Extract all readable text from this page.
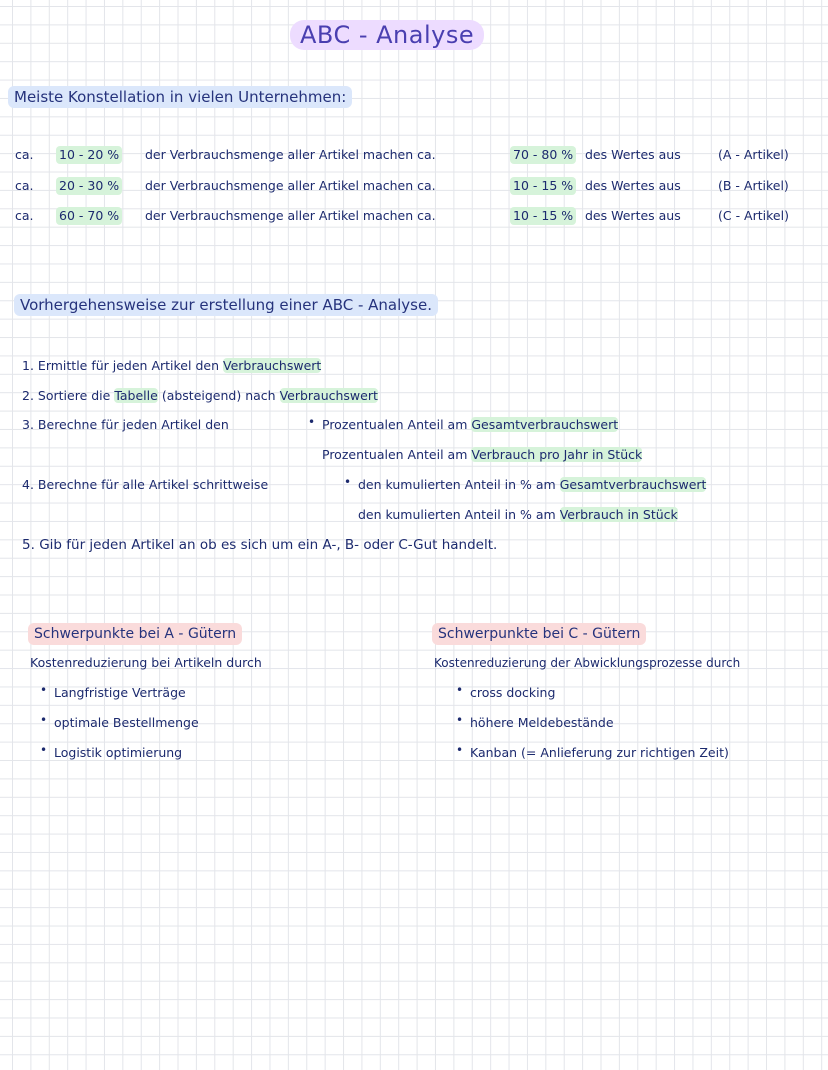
ABC - Analyse
Meiste Konstellation in vielen Unternehmen:
ca. 10 - 20 % der Verbrauchsmenge aller Artikel machen ca.	70 - 80 % des Wertes aus	(A - Artikel)
ca. 20 - 30 % der Verbrauchsmenge aller Artikel machen ca.	10 - 15 % des Wertes aus	(B - Artikel)
ca. 60 - 70 % der Verbrauchsmenge aller Artikel machen ca.	10 - 15 % des Wertes aus	(C - Artikel)
Vorhergehensweise zur erstellung einer ABC - Analyse.
1. Ermittle für jeden Artikel den Verbrauchswert
2. Sortiere die Tabelle (absteigend) nach Verbrauchswert
3. Berechne für jeden Artikel den	• Prozentualen Anteil am Gesamtverbrauchswert
Prozentualen Anteil am Verbrauch pro Jahr in Stück
4. Berechne für alle Artikel schrittweise	• den kumulierten Anteil in % am Gesamtverbrauchswert
den kumulierten Anteil in % am Verbrauch in Stück
5. Gib für jeden Artikel an ob es sich um ein A-, B- oder C-Gut handelt.
Schwerpunkte bei A - Gütern
Kostenreduzierung bei Artikeln durch
• Langfristige Verträge
• optimale Bestellmenge
• Logistik optimierung
Schwerpunkte bei C - Gütern
Kostenreduzierung der Abwicklungsprozesse durch
• cross docking
• höhere Meldebestände
• Kanban (= Anlieferung zur richtigen Zeit)
